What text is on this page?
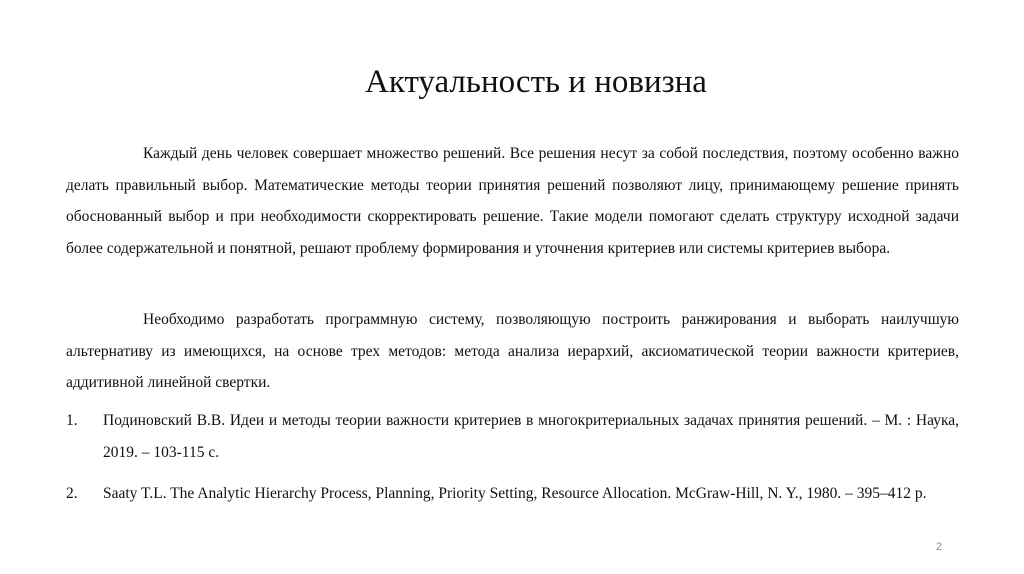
Актуальность и новизна

Каждый день человек совершает множество решений. Все решения несут за собой последствия, поэтому особенно важно делать правильный выбор. Математические методы теории принятия решений позволяют лицу, принимающему решение принять обоснованный выбор и при необходимости скорректировать решение. Такие модели помогают сделать структуру исходной задачи более содержательной и понятной, решают проблему формирования и уточнения критериев или системы критериев выбора.

Необходимо разработать программную систему, позволяющую построить ранжирования и выборать наилучшую альтернативу из имеющихся, на основе трех методов: метода анализа иерархий, аксиоматической теории важности критериев, аддитивной линейной свертки.

1.	Подиновский В.В. Идеи и методы теории важности критериев в многокритериальных задачах принятия решений. – М. : Наука, 2019. – 103-115 с.
2.	Saaty T.L. The Analytic Hierarchy Process, Planning, Priority Setting, Resource Allocation. McGraw-Hill, N. Y., 1980. – 395–412 p.
2
